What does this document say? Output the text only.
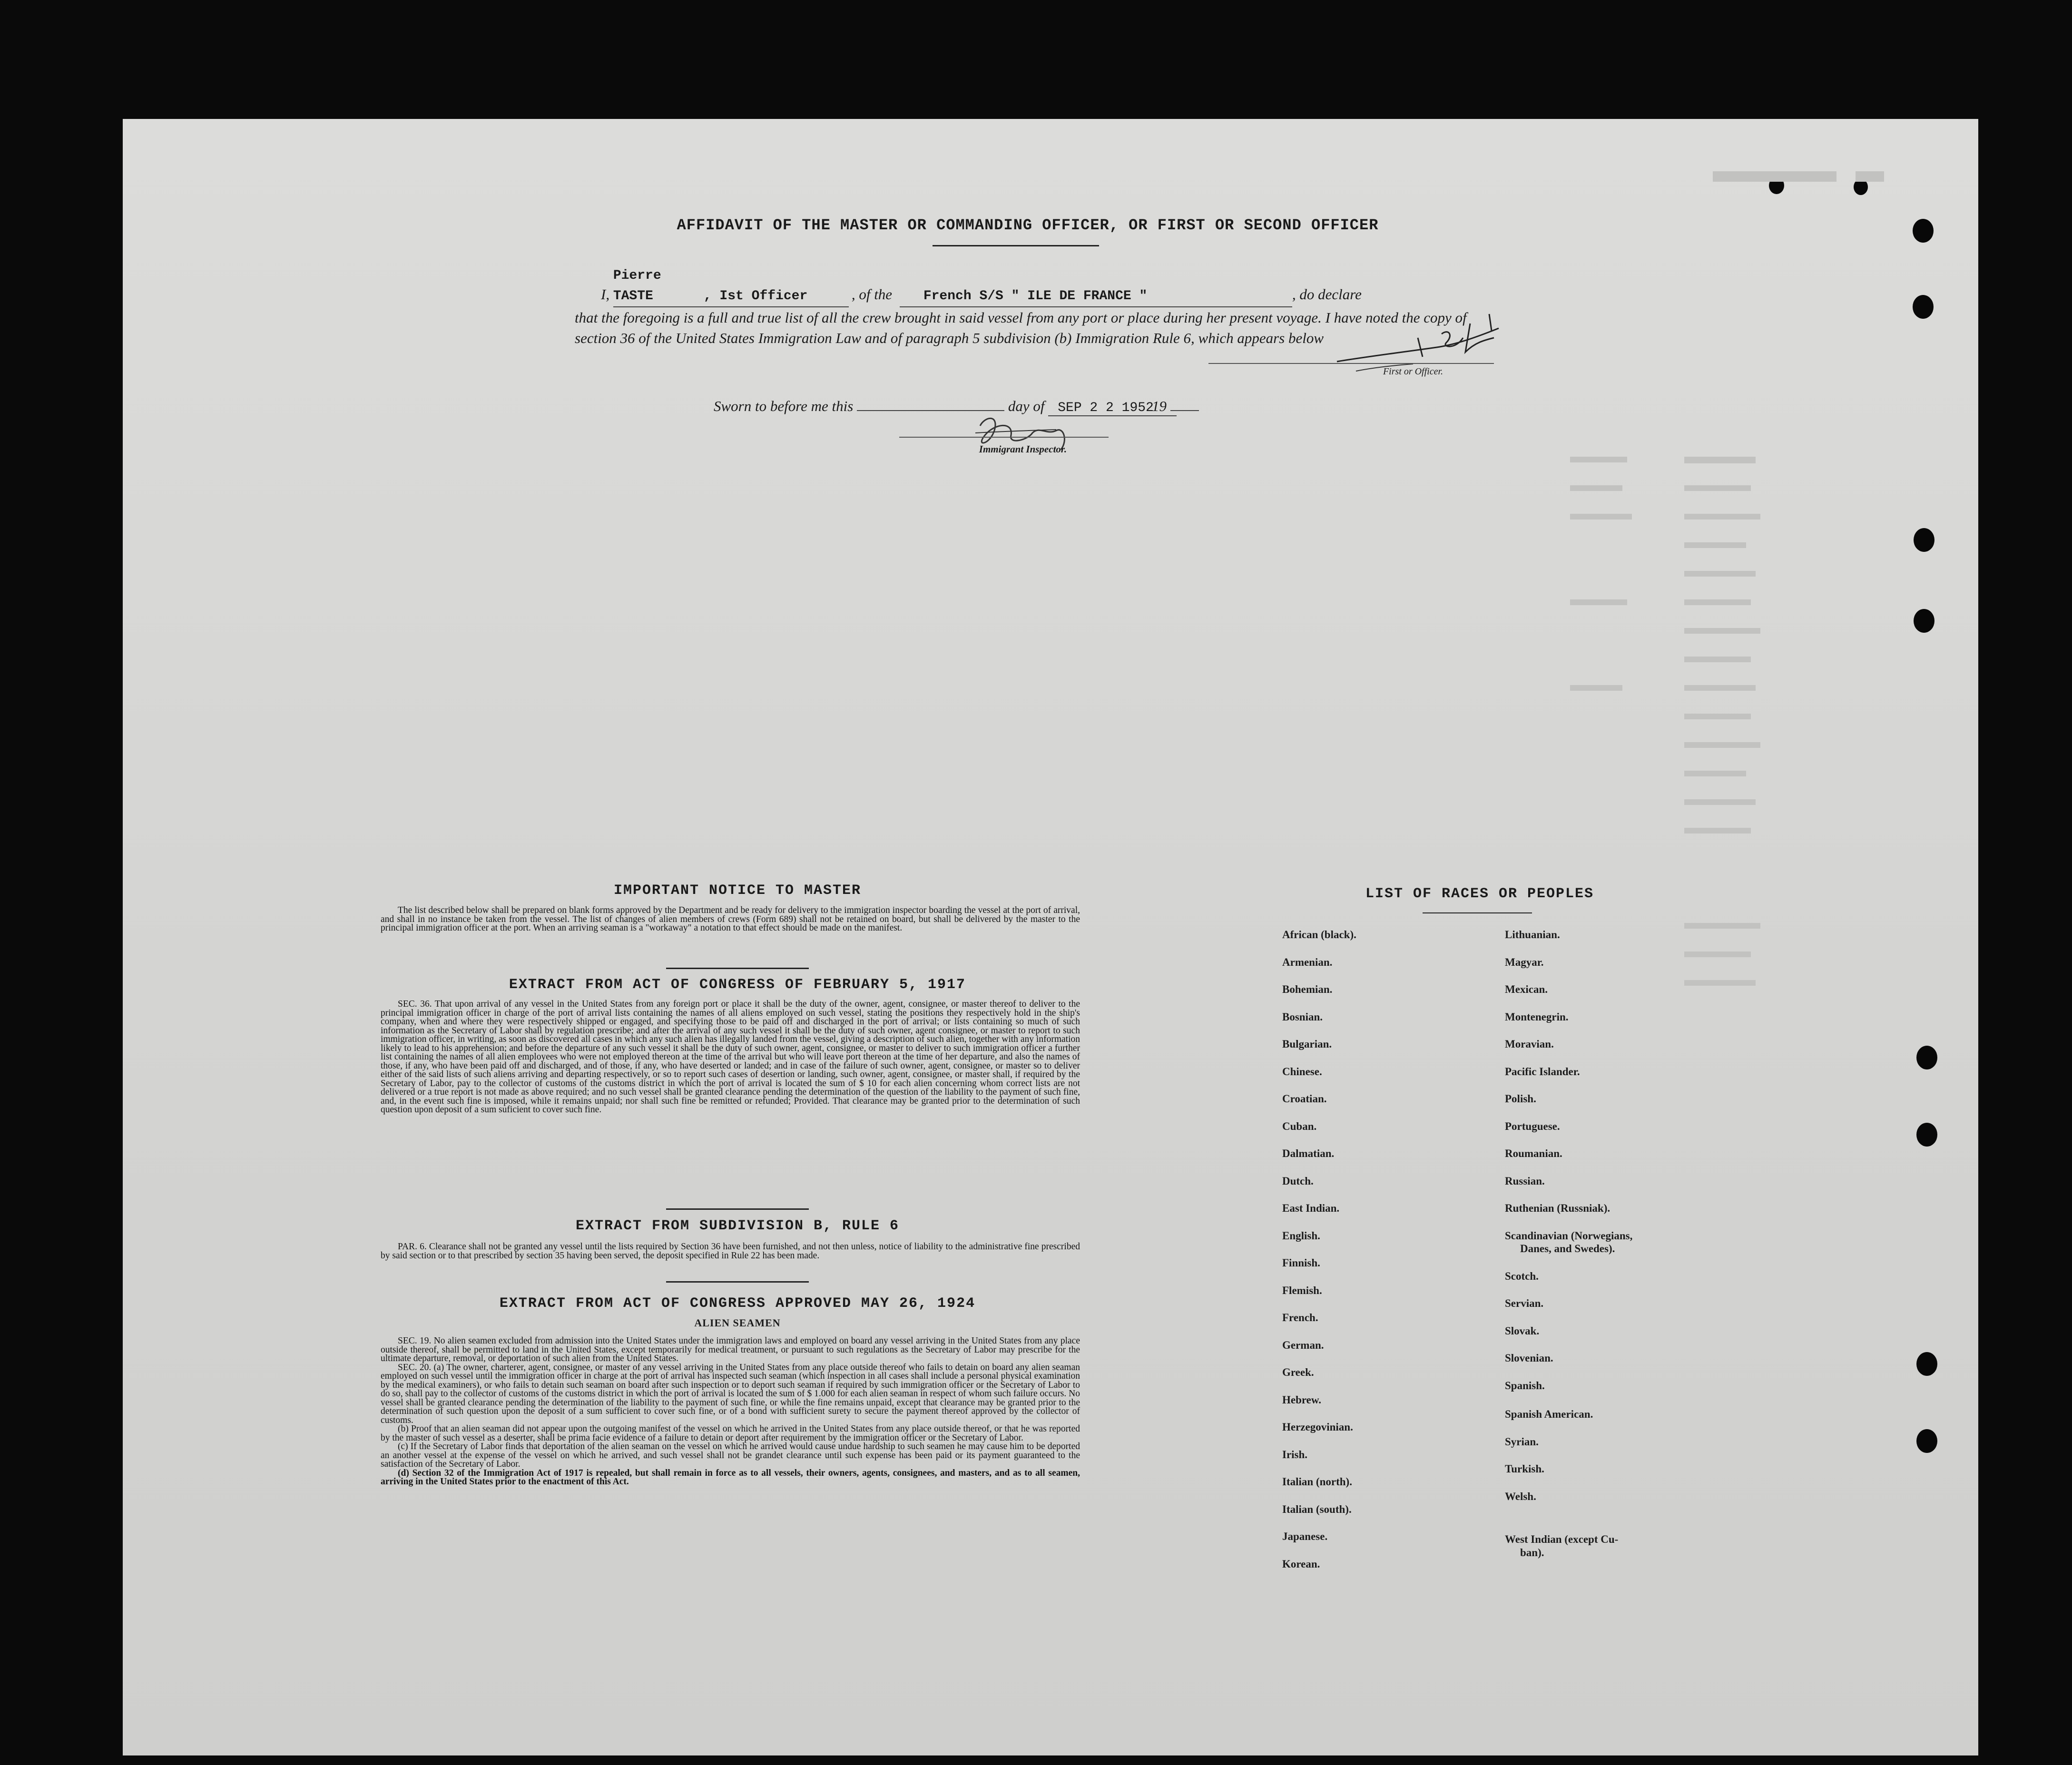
AFFIDAVIT OF THE MASTER OR COMMANDING OFFICER, OR FIRST OR SECOND OFFICER
I, Pierre TASTE	, Ist Officer	, of the French S/S " ILE DE FRANCE "	, do declare
that the foregoing is a full and true list of all the crew brought in said vessel from any port or place during her present voyage. I have noted the copy of section 36 of the United States Immigration Law and of paragraph 5 subdivision (b) Immigration Rule 6, which appears below
First or Officer.
Sworn to before me this	day of SEP 2 2 1952 19
Immigrant Inspector.
IMPORTANT NOTICE TO MASTER

The list described below shall be prepared on blank forms approved by the Department and be ready for delivery to the immigration inspector boarding the vessel at the port of arrival, and shall in no instance be taken from the vessel. The list of changes of alien members of crews (Form 689) shall not be retained on board, but shall be delivered by the master to the principal immigration officer at the port. When an arriving seaman is a "workaway" a notation to that effect should be made on the manifest.

EXTRACT FROM ACT OF CONGRESS OF FEBRUARY 5, 1917

SEC. 36. That upon arrival of any vessel in the United States from any foreign port or place it shall be the duty of the owner, agent, consignee, or master thereof to deliver to the principal immigration officer in charge of the port of arrival lists containing the names of all aliens employed on such vessel, stating the positions they respectively hold in the ship's company, when and where they were respectively shipped or engaged, and specifying those to be paid off and discharged in the port of arrival; or lists containing so much of such information as the Secretary of Labor shall by regulation prescribe; and after the arrival of any such vessel it shall be the duty of such owner, agent consignee, or master to report to such immigration officer, in writing, as soon as discovered all cases in which any such alien has illegally landed from the vessel, giving a description of such alien, together with any information likely to lead to his apprehension; and before the departure of any such vessel it shall be the duty of such owner, agent, consignee, or master to deliver to such immigration officer a further list containing the names of all alien employees who were not employed thereon at the time of the arrival but who will leave port thereon at the time of her departure, and also the names of those, if any, who have been paid off and discharged, and of those, if any, who have deserted or landed; and in case of the failure of such owner, agent, consignee, or master so to deliver either of the said lists of such aliens arriving and departing respectively, or so to report such cases of desertion or landing, such owner, agent, consignee, or master shall, if required by the Secretary of Labor, pay to the collector of customs of the customs district in which the port of arrival is located the sum of $ 10 for each alien concerning whom correct lists are not delivered or a true report is not made as above required; and no such vessel shall be granted clearance pending the determination of the question of the liability to the payment of such fine, and, in the event such fine is imposed, while it remains unpaid; nor shall such fine be remitted or refunded; Provided. That clearance may be granted prior to the determination of such question upon deposit of a sum suficient to cover such fine.

EXTRACT FROM SUBDIVISION B, RULE 6

PAR. 6. Clearance shall not be granted any vessel until the lists required by Section 36 have been furnished, and not then unless, notice of liability to the administrative fine prescribed by said section or to that prescribed by section 35 having been served, the deposit specified in Rule 22 has been made.

EXTRACT FROM ACT OF CONGRESS APPROVED MAY 26, 1924
ALIEN SEAMEN

SEC. 19. No alien seamen excluded from admission into the United States under the immigration laws and employed on board any vessel arriving in the United States from any place outside thereof, shall be permitted to land in the United States, except temporarily for medical treatment, or pursuant to such regulations as the Secretary of Labor may prescribe for the ultimate departure, removal, or deportation of such alien from the United States.

SEC. 20. (a) The owner, charterer, agent, consignee, or master of any vessel arriving in the United States from any place outside thereof who fails to detain on board any alien seaman employed on such vessel until the immigration officer in charge at the port of arrival has inspected such seaman (which inspection in all cases shall include a personal physical examination by the medical examiners), or who fails to detain such seaman on board after such inspection or to deport such seaman if required by such immigration officer or the Secretary of Labor to do so, shall pay to the collector of customs of the customs district in which the port of arrival is located the sum of $ 1.000 for each alien seaman in respect of whom such failure occurs. No vessel shall be granted clearance pending the determination of the liability to the payment of such fine, or while the fine remains unpaid, except that clearance may be granted prior to the determination of such question upon the deposit of a sum sufficient to cover such fine, or of a bond with sufficient surety to secure the payment thereof approved by the collector of customs.

(b) Proof that an alien seaman did not appear upon the outgoing manifest of the vessel on which he arrived in the United States from any place outside thereof, or that he was reported by the master of such vessel as a deserter, shall be prima facie evidence of a failure to detain or deport after requirement by the immigration officer or the Secretary of Labor.

(c) If the Secretary of Labor finds that deportation of the alien seaman on the vessel on which he arrived would cause undue hardship to such seamen he may cause him to be deported an another vessel at the expense of the vessel on which he arrived, and such vessel shall not be grandet clearance until such expense has been paid or its payment guaranteed to the satisfaction of the Secretary of Labor.

(d) Section 32 of the Immigration Act of 1917 is repealed, but shall remain in force as to all vessels, their owners, agents, consignees, and masters, and as to all seamen, arriving in the United States prior to the enactment of this Act.

LIST OF RACES OR PEOPLES
African (black).
Armenian.
Bohemian.
Bosnian.
Bulgarian.
Chinese.
Croatian.
Cuban.
Dalmatian.
Dutch.
East Indian.
English.
Finnish.
Flemish.
French.
German.
Greek.
Hebrew.
Herzegovinian.
Irish.
Italian (north).
Italian (south).
Japanese.
Korean.
Lithuanian.
Magyar.
Mexican.
Montenegrin.
Moravian.
Pacific Islander.
Polish.
Portuguese.
Roumanian.
Russian.
Ruthenian (Russniak).
Scandinavian (Norwegians,
Danes, and Swedes).
Scotch.
Servian.
Slovak.
Slovenian.
Spanish.
Spanish American.
Syrian.
Turkish.
Welsh.
West Indian (except Cu-
ban).
